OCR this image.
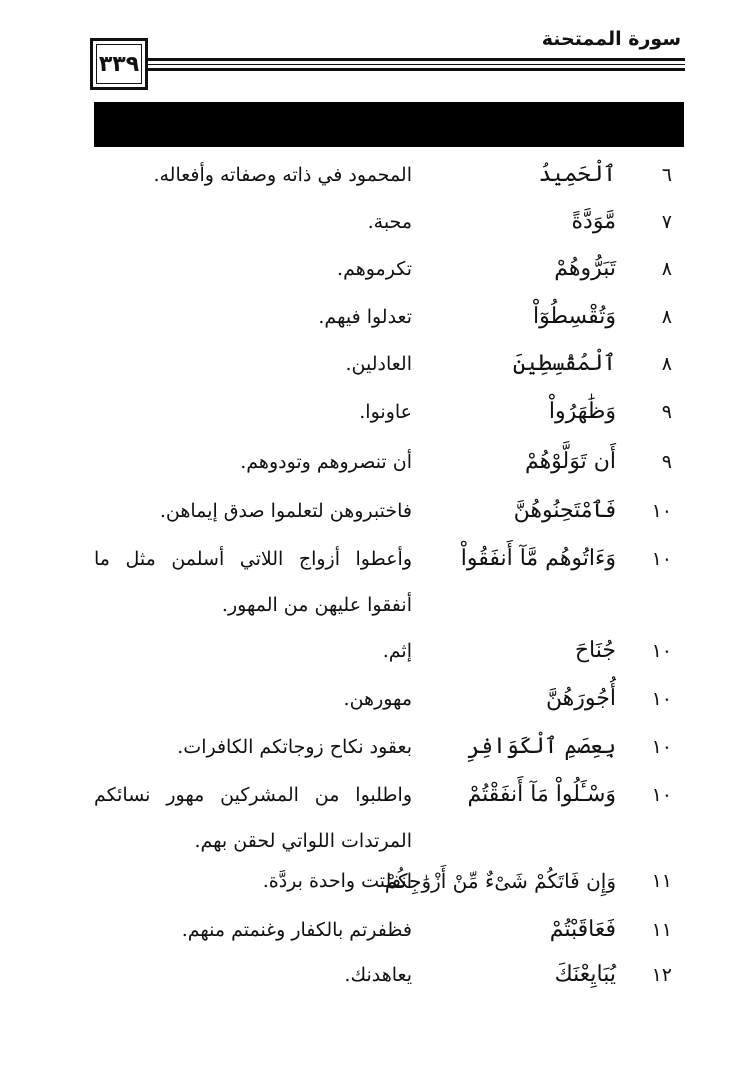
٣٣٩
سورة الممتحنة
٦
ٱلْحَمِيدُ
المحمود في ذاته وصفاته وأفعاله.
٧
مَّوَدَّةً
محبة.
٨
تَبَرُّوهُمْ
تكرموهم.
٨
وَتُقْسِطُوٓاْ
تعدلوا فيهم.
٨
ٱلْمُقْسِطِينَ
العادلين.
٩
وَظَٰهَرُواْ
عاونوا.
٩
أَن تَوَلَّوْهُمْ
أن تنصروهم وتودوهم.
١٠
فَٱمْتَحِنُوهُنَّ
فاختبروهن لتعلموا صدق إيماهن.
١٠
وَءَاتُوهُم مَّآ أَنفَقُواْ
وأعطوا أزواج اللاتي أسلمن مثل ما أنفقوا عليهن من المهور.
١٠
جُنَاحَ
إثم.
١٠
أُجُورَهُنَّ
مهورهن.
١٠
بِعِصَمِ ٱلْكَوَافِرِ
بعقود نكاح زوجاتكم الكافرات.
١٠
وَسْـَٔلُواْ مَآ أَنفَقْتُمْ
واطلبوا من المشركين مهور نسائكم المرتدات اللواتي لحقن بهم.
١١
وَإِن فَاتَكُمْ شَىْءٌ مِّنْ أَزْوَٰجِكُمْ
انفلتت واحدة بردَّة.
١١
فَعَاقَبْتُمْ
فظفرتم بالكفار وغنمتم منهم.
١٢
يُبَايِعْنَكَ
يعاهدنك.
